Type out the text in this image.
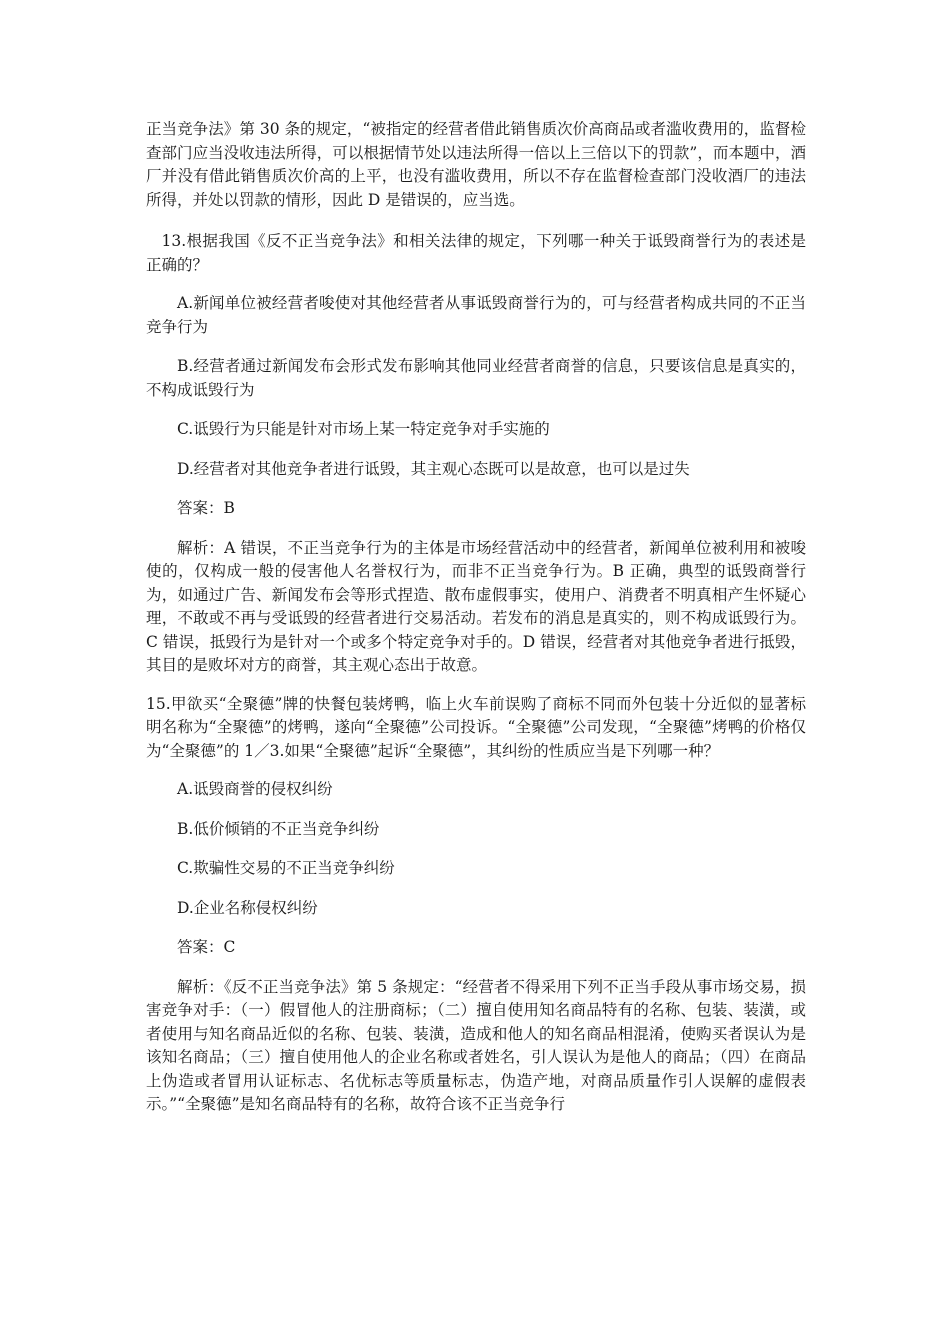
正当竞争法》第 30 条的规定，“被指定的经营者借此销售质次价高商品或者滥收费用的，监督检查部门应当没收违法所得，可以根据情节处以违法所得一倍以上三倍以下的罚款”，而本题中，酒厂并没有借此销售质次价高的上平，也没有滥收费用，所以不存在监督检查部门没收酒厂的违法所得，并处以罚款的情形，因此 D 是错误的，应当选。

13.根据我国《反不正当竞争法》和相关法律的规定，下列哪一种关于诋毁商誉行为的表述是正确的？

A.新闻单位被经营者唆使对其他经营者从事诋毁商誉行为的，可与经营者构成共同的不正当竞争行为

B.经营者通过新闻发布会形式发布影响其他同业经营者商誉的信息，只要该信息是真实的，不构成诋毁行为

C.诋毁行为只能是针对市场上某一特定竞争对手实施的

D.经营者对其他竞争者进行诋毁，其主观心态既可以是故意，也可以是过失

答案：B

解析：A 错误，不正当竞争行为的主体是市场经营活动中的经营者，新闻单位被利用和被唆使的，仅构成一般的侵害他人名誉权行为，而非不正当竞争行为。B 正确，典型的诋毁商誉行为，如通过广告、新闻发布会等形式捏造、散布虚假事实，使用户、消费者不明真相产生怀疑心理，不敢或不再与受诋毁的经营者进行交易活动。若发布的消息是真实的，则不构成诋毁行为。C 错误，抵毁行为是针对一个或多个特定竞争对手的。D 错误，经营者对其他竞争者进行抵毁，其目的是败坏对方的商誉，其主观心态出于故意。

15.甲欲买“全聚德”牌的快餐包装烤鸭，临上火车前误购了商标不同而外包装十分近似的显著标明名称为“全聚德”的烤鸭，遂向“全聚德”公司投诉。“全聚德”公司发现，“全聚德”烤鸭的价格仅为“全聚德”的 1／3.如果“全聚德”起诉“全聚德”，其纠纷的性质应当是下列哪一种？

A.诋毁商誉的侵权纠纷

B.低价倾销的不正当竞争纠纷

C.欺骗性交易的不正当竞争纠纷

D.企业名称侵权纠纷

答案：C

解析：《反不正当竞争法》第 5 条规定：“经营者不得采用下列不正当手段从事市场交易，损害竞争对手：（一）假冒他人的注册商标；（二）擅自使用知名商品特有的名称、包装、装潢，或者使用与知名商品近似的名称、包装、装潢，造成和他人的知名商品相混淆，使购买者误认为是该知名商品；（三）擅自使用他人的企业名称或者姓名，引人误认为是他人的商品；（四）在商品上伪造或者冒用认证标志、名优标志等质量标志，伪造产地，对商品质量作引人误解的虚假表示。”“全聚德”是知名商品特有的名称，故符合该不正当竞争行
